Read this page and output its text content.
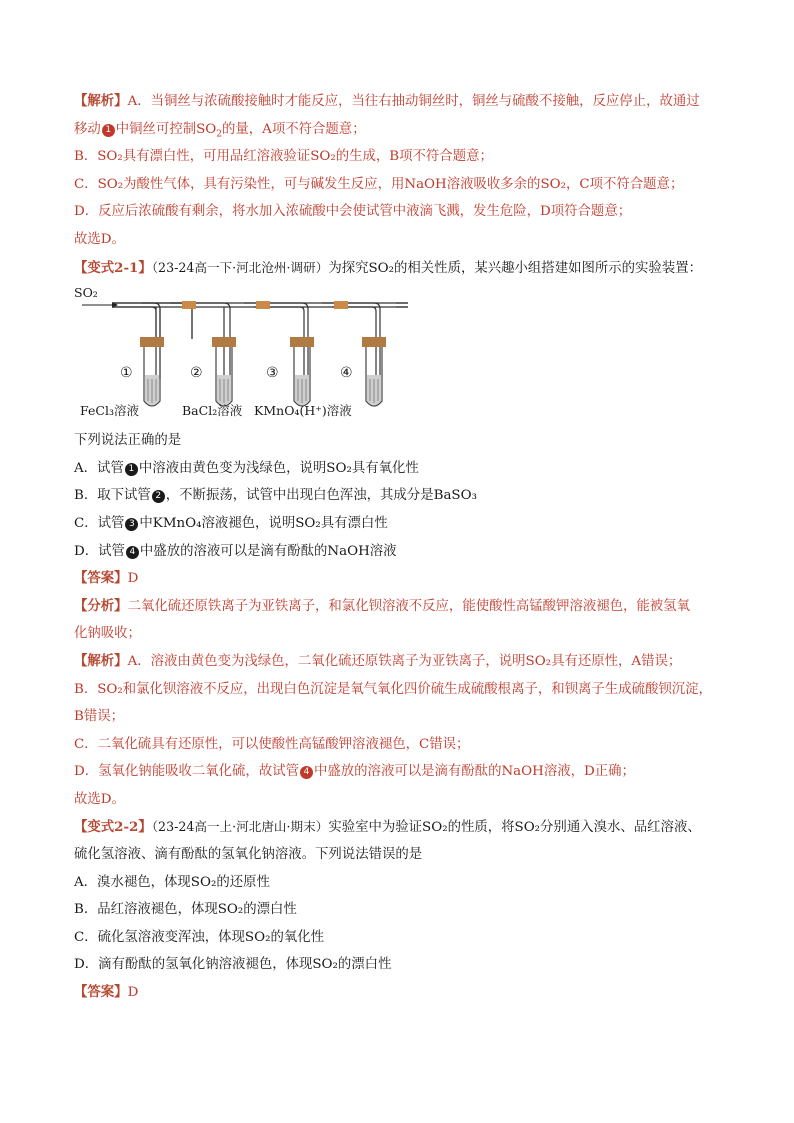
【解析】A．当铜丝与浓硫酸接触时才能反应，当往右抽动铜丝时，铜丝与硫酸不接触，反应停止，故通过
移动 1 中铜丝可控制$SO_2$的量，A项不符合题意；
B．SO₂具有漂白性，可用品红溶液验证SO₂的生成，B项不符合题意；
C．SO₂为酸性气体，具有污染性，可与碱发生反应，用NaOH溶液吸收多余的SO₂，C项不符合题意；
D．反应后浓硫酸有剩余，将水加入浓硫酸中会使试管中液滴飞溅，发生危险，D项符合题意；
故选D。
【变式2-1】（23-24高一下·河北沧州·调研）为探究SO₂的相关性质，某兴趣小组搭建如图所示的实验装置：
SO₂
①	②	③	④
FeCl₃溶液	BaCl₂溶液 KMnO₄(H⁺)溶液
下列说法正确的是
A．试管 1 中溶液由黄色变为浅绿色，说明SO₂具有氧化性
B．取下试管 2 ，不断振荡，试管中出现白色浑浊，其成分是BaSO₃
C．试管 3 中KMnO₄溶液褪色，说明SO₂具有漂白性
D．试管 4 中盛放的溶液可以是滴有酚酞的NaOH溶液
【答案】D
【分析】二氧化硫还原铁离子为亚铁离子，和氯化钡溶液不反应，能使酸性高锰酸钾溶液褪色，能被氢氧
化钠吸收；
【解析】A．溶液由黄色变为浅绿色，二氧化硫还原铁离子为亚铁离子，说明SO₂具有还原性，A错误；
B．SO₂和氯化钡溶液不反应，出现白色沉淀是氧气氧化四价硫生成硫酸根离子，和钡离子生成硫酸钡沉淀，
B错误；
C．二氧化硫具有还原性，可以使酸性高锰酸钾溶液褪色，C错误；
D．氢氧化钠能吸收二氧化硫，故试管 4 中盛放的溶液可以是滴有酚酞的NaOH溶液，D正确；
故选D。
【变式2-2】（23-24高一上·河北唐山·期末）实验室中为验证SO₂的性质，将SO₂分别通入溴水、品红溶液、
硫化氢溶液、滴有酚酞的氢氧化钠溶液。下列说法错误的是
A．溴水褪色，体现SO₂的还原性
B．品红溶液褪色，体现SO₂的漂白性
C．硫化氢溶液变浑浊，体现SO₂的氧化性
D．滴有酚酞的氢氧化钠溶液褪色，体现SO₂的漂白性
【答案】D
